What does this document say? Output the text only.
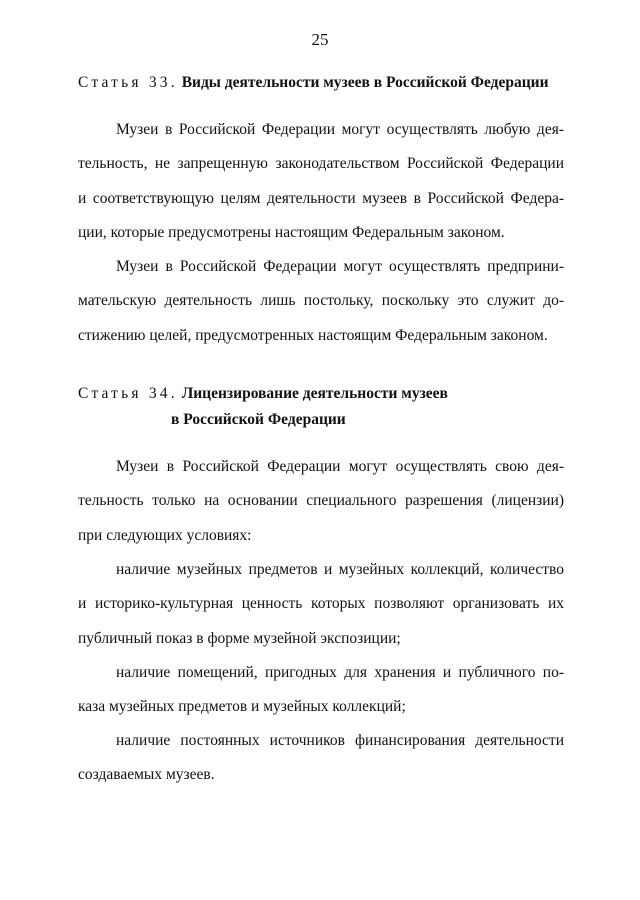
25
Статья 33. Виды деятельности музеев в Российской Федерации
Музеи в Российской Федерации могут осуществлять любую дея-
тельность, не запрещенную законодательством Российской Федерации
и соответствующую целям деятельности музеев в Российской Федера-
ции, которые предусмотрены настоящим Федеральным законом.
Музеи в Российской Федерации могут осуществлять предприни-
мательскую деятельность лишь постольку, поскольку это служит до-
стижению целей, предусмотренных настоящим Федеральным законом.
Статья 34. Лицензирование деятельности музеев
в Российской Федерации
Музеи в Российской Федерации могут осуществлять свою дея-
тельность только на основании специального разрешения (лицензии)
при следующих условиях:
наличие музейных предметов и музейных коллекций, количество
и историко-культурная ценность которых позволяют организовать их
публичный показ в форме музейной экспозиции;
наличие помещений, пригодных для хранения и публичного по-
каза музейных предметов и музейных коллекций;
наличие постоянных источников финансирования деятельности
создаваемых музеев.
